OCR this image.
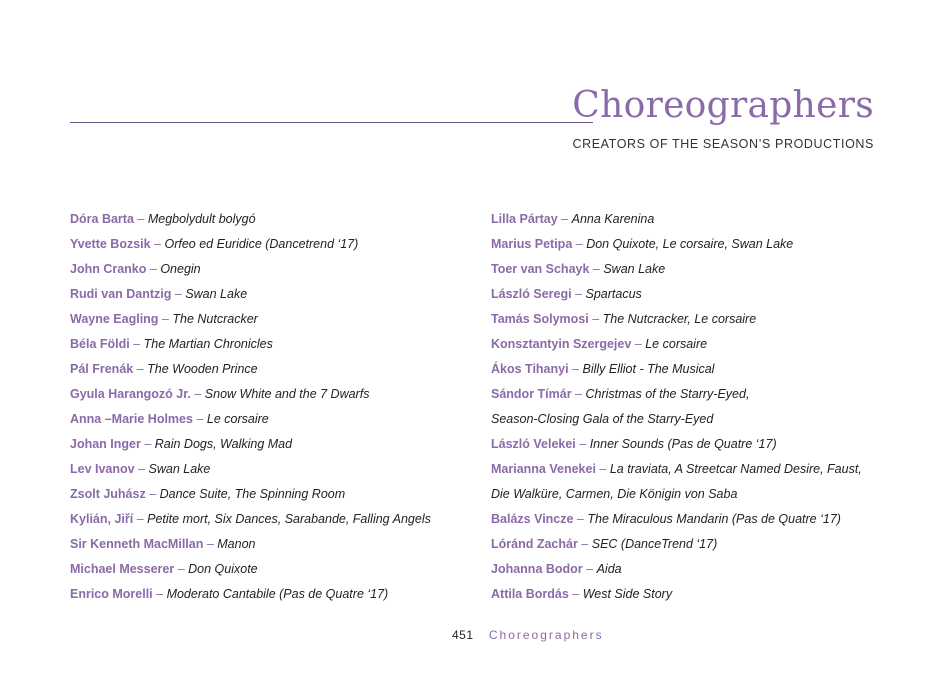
Choreographers
CREATORS OF THE SEASON’S PRODUCTIONS
Dóra Barta – Megbolydult bolygó
Yvette Bozsik – Orfeo ed Euridice (Dancetrend ‘17)
John Cranko – Onegin
Rudi van Dantzig – Swan Lake
Wayne Eagling – The Nutcracker
Béla Földi – The Martian Chronicles
Pál Frenák – The Wooden Prince
Gyula Harangozó Jr. – Snow White and the 7 Dwarfs
Anna –Marie Holmes – Le corsaire
Johan Inger – Rain Dogs, Walking Mad
Lev Ivanov – Swan Lake
Zsolt Juhász – Dance Suite, The Spinning Room
Kylián, Jiří – Petite mort, Six Dances, Sarabande, Falling Angels
Sir Kenneth MacMillan – Manon
Michael Messerer – Don Quixote
Enrico Morelli – Moderato Cantabile (Pas de Quatre ‘17)
Lilla Pártay – Anna Karenina
Marius Petipa – Don Quixote, Le corsaire, Swan Lake
Toer van Schayk – Swan Lake
László Seregi – Spartacus
Tamás Solymosi – The Nutcracker, Le corsaire
Konsztantyin Szergejev – Le corsaire
Ákos Tihanyi – Billy Elliot - The Musical
Sándor Tímár – Christmas of the Starry-Eyed,
Season-Closing Gala of the Starry-Eyed
László Velekei – Inner Sounds (Pas de Quatre ‘17)
Marianna Venekei – La traviata, A Streetcar Named Desire, Faust,
Die Walküre, Carmen, Die Königin von Saba
Balázs Vincze – The Miraculous Mandarin (Pas de Quatre ‘17)
Lóránd Zachár – SEC (DanceTrend ‘17)
Johanna Bodor – Aida
Attila Bordás – West Side Story
451 Choreographers
